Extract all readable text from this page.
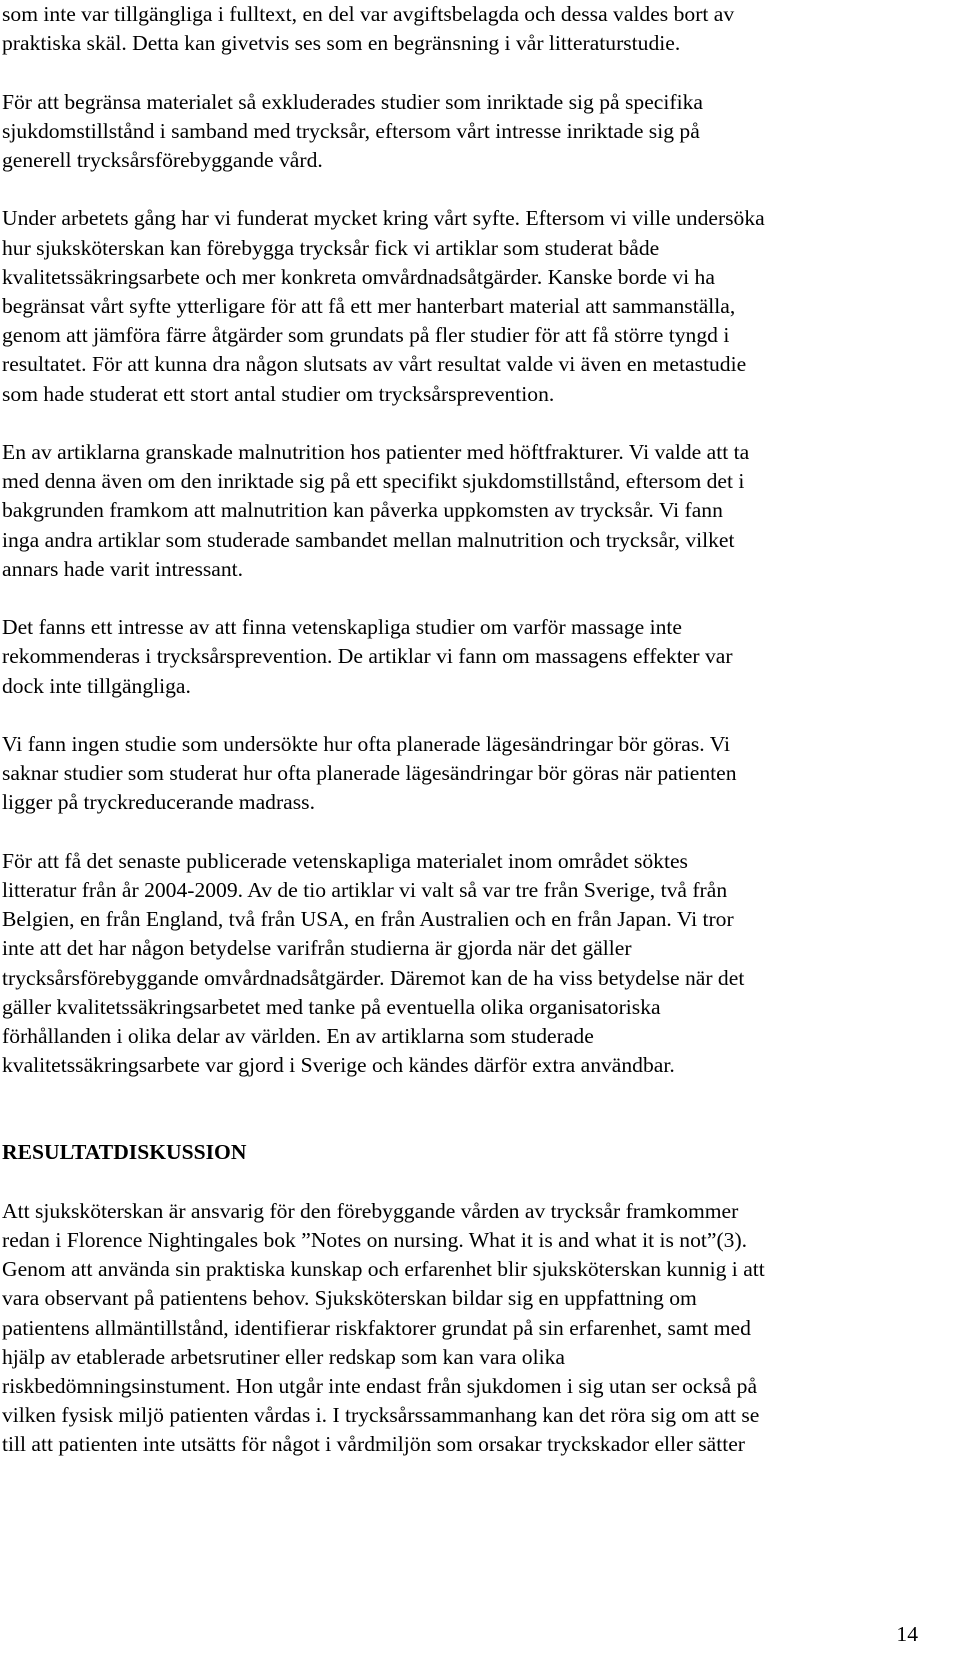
som inte var tillgängliga i fulltext, en del var avgiftsbelagda och dessa valdes bort av
praktiska skäl. Detta kan givetvis ses som en begränsning i vår litteraturstudie.

För att begränsa materialet så exkluderades studier som inriktade sig på specifika
sjukdomstillstånd i samband med trycksår, eftersom vårt intresse inriktade sig på
generell trycksårsförebyggande vård.

Under arbetets gång har vi funderat mycket kring vårt syfte. Eftersom vi ville undersöka
hur sjuksköterskan kan förebygga trycksår fick vi artiklar som studerat både
kvalitetssäkringsarbete och mer konkreta omvårdnadsåtgärder. Kanske borde vi ha
begränsat vårt syfte ytterligare för att få ett mer hanterbart material att sammanställa,
genom att jämföra färre åtgärder som grundats på fler studier för att få större tyngd i
resultatet. För att kunna dra någon slutsats av vårt resultat valde vi även en metastudie
som hade studerat ett stort antal studier om trycksårsprevention.

En av artiklarna granskade malnutrition hos patienter med höftfrakturer. Vi valde att ta
med denna även om den inriktade sig på ett specifikt sjukdomstillstånd, eftersom det i
bakgrunden framkom att malnutrition kan påverka uppkomsten av trycksår. Vi fann
inga andra artiklar som studerade sambandet mellan malnutrition och trycksår, vilket
annars hade varit intressant.

Det fanns ett intresse av att finna vetenskapliga studier om varför massage inte
rekommenderas i trycksårsprevention. De artiklar vi fann om massagens effekter var
dock inte tillgängliga.

Vi fann ingen studie som undersökte hur ofta planerade lägesändringar bör göras. Vi
saknar studier som studerat hur ofta planerade lägesändringar bör göras när patienten
ligger på tryckreducerande madrass.

För att få det senaste publicerade vetenskapliga materialet inom området söktes
litteratur från år 2004-2009. Av de tio artiklar vi valt så var tre från Sverige, två från
Belgien, en från England, två från USA, en från Australien och en från Japan. Vi tror
inte att det har någon betydelse varifrån studierna är gjorda när det gäller
trycksårsförebyggande omvårdnadsåtgärder. Däremot kan de ha viss betydelse när det
gäller kvalitetssäkringsarbetet med tanke på eventuella olika organisatoriska
förhållanden i olika delar av världen. En av artiklarna som studerade
kvalitetssäkringsarbete var gjord i Sverige och kändes därför extra användbar.

RESULTATDISKUSSION

Att sjuksköterskan är ansvarig för den förebyggande vården av trycksår framkommer
redan i Florence Nightingales bok ”Notes on nursing. What it is and what it is not”(3).
Genom att använda sin praktiska kunskap och erfarenhet blir sjuksköterskan kunnig i att
vara observant på patientens behov. Sjuksköterskan bildar sig en uppfattning om
patientens allmäntillstånd, identifierar riskfaktorer grundat på sin erfarenhet, samt med
hjälp av etablerade arbetsrutiner eller redskap som kan vara olika
riskbedömningsinstument. Hon utgår inte endast från sjukdomen i sig utan ser också på
vilken fysisk miljö patienten vårdas i. I trycksårssammanhang kan det röra sig om att se
till att patienten inte utsätts för något i vårdmiljön som orsakar tryckskador eller sätter

14
